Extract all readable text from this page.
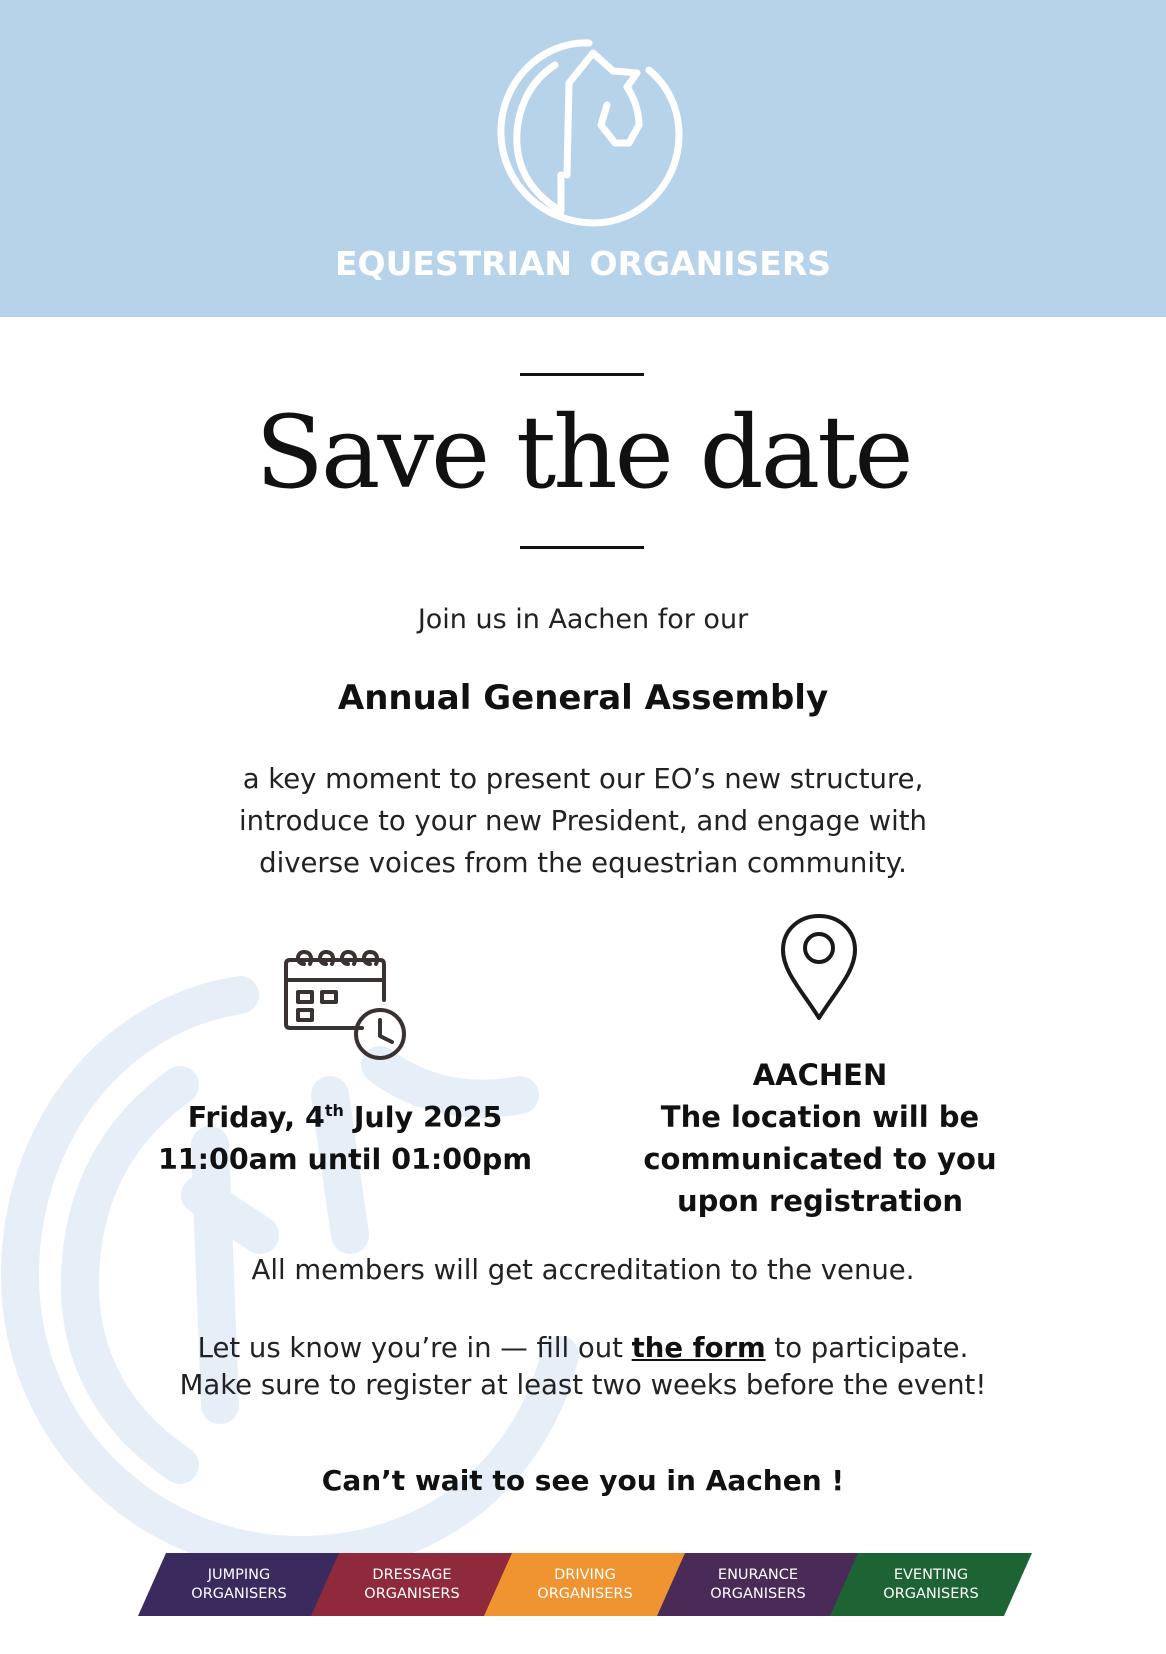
EQUESTRIAN ORGANISERS
Save the date
Join us in Aachen for our
Annual General Assembly
a key moment to present our EO’s new structure,
introduce to your new President, and engage with
diverse voices from the equestrian community.
Friday, 4th July 2025
11:00am until 01:00pm
AACHEN
The location will be
communicated to you
upon registration
All members will get accreditation to the venue.
Let us know you’re in — fill out the form to participate.
Make sure to register at least two weeks before the event!
Can’t wait to see you in Aachen !
JUMPING
ORGANISERS
DRESSAGE
ORGANISERS
DRIVING
ORGANISERS
ENURANCE
ORGANISERS
EVENTING
ORGANISERS
